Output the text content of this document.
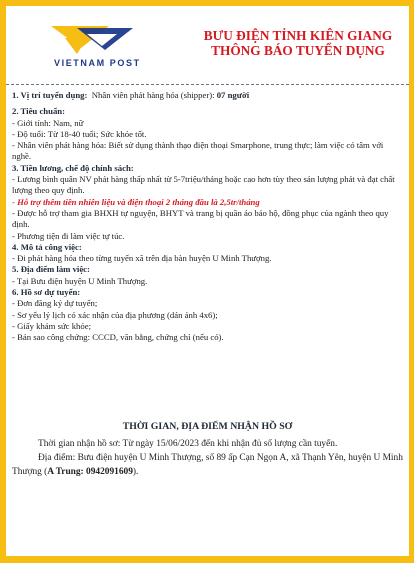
VIETNAM POST
BƯU ĐIỆN TỈNH KIÊN GIANG
THÔNG BÁO TUYỂN DỤNG
1. Vị trí tuyển dụng: Nhân viên phát hàng hóa (shipper): 07 người
2. Tiêu chuẩn:
- Giới tính: Nam, nữ
- Độ tuổi: Từ 18-40 tuổi; Sức khỏe tốt.
- Nhân viên phát hàng hóa: Biết sử dụng thành thạo điện thoại Smarphone, trung thực; làm việc có tâm với nghề.
3. Tiền lương, chế độ chính sách:
- Lương bình quân NV phát hàng thấp nhất từ 5-7triệu/tháng hoặc cao hơn tùy theo sản lượng phát và đạt chất lượng theo quy định.
- Hỗ trợ thêm tiền nhiên liệu và điện thoại 2 tháng đầu là 2,5tr/tháng
- Được hỗ trợ tham gia BHXH tự nguyện, BHYT và trang bị quần áo bảo hộ, đồng phục của ngành theo quy định.
- Phương tiện đi làm việc tự túc.
4. Mô tả công việc:
- Đi phát hàng hóa theo từng tuyến xã trên địa bàn huyện U Minh Thượng.
5. Địa điểm làm việc:
- Tại Bưu điện huyện U Minh Thượng.
6. Hồ sơ dự tuyển:
- Đơn đăng ký dự tuyển;
- Sơ yếu lý lịch có xác nhận của địa phương (dán ảnh 4x6);
- Giấy khám sức khỏe;
- Bản sao công chứng: CCCD, văn bằng, chứng chỉ (nếu có).
THỜI GIAN, ĐỊA ĐIỂM NHẬN HỒ SƠ
Thời gian nhận hồ sơ: Từ ngày 15/06/2023 đến khi nhận đủ số lượng cần tuyển.
Địa điểm: Bưu điện huyện U Minh Thượng, số 89 ấp Cạn Ngọn A, xã Thạnh Yên, huyện U Minh Thượng (A Trung: 0942091609).
